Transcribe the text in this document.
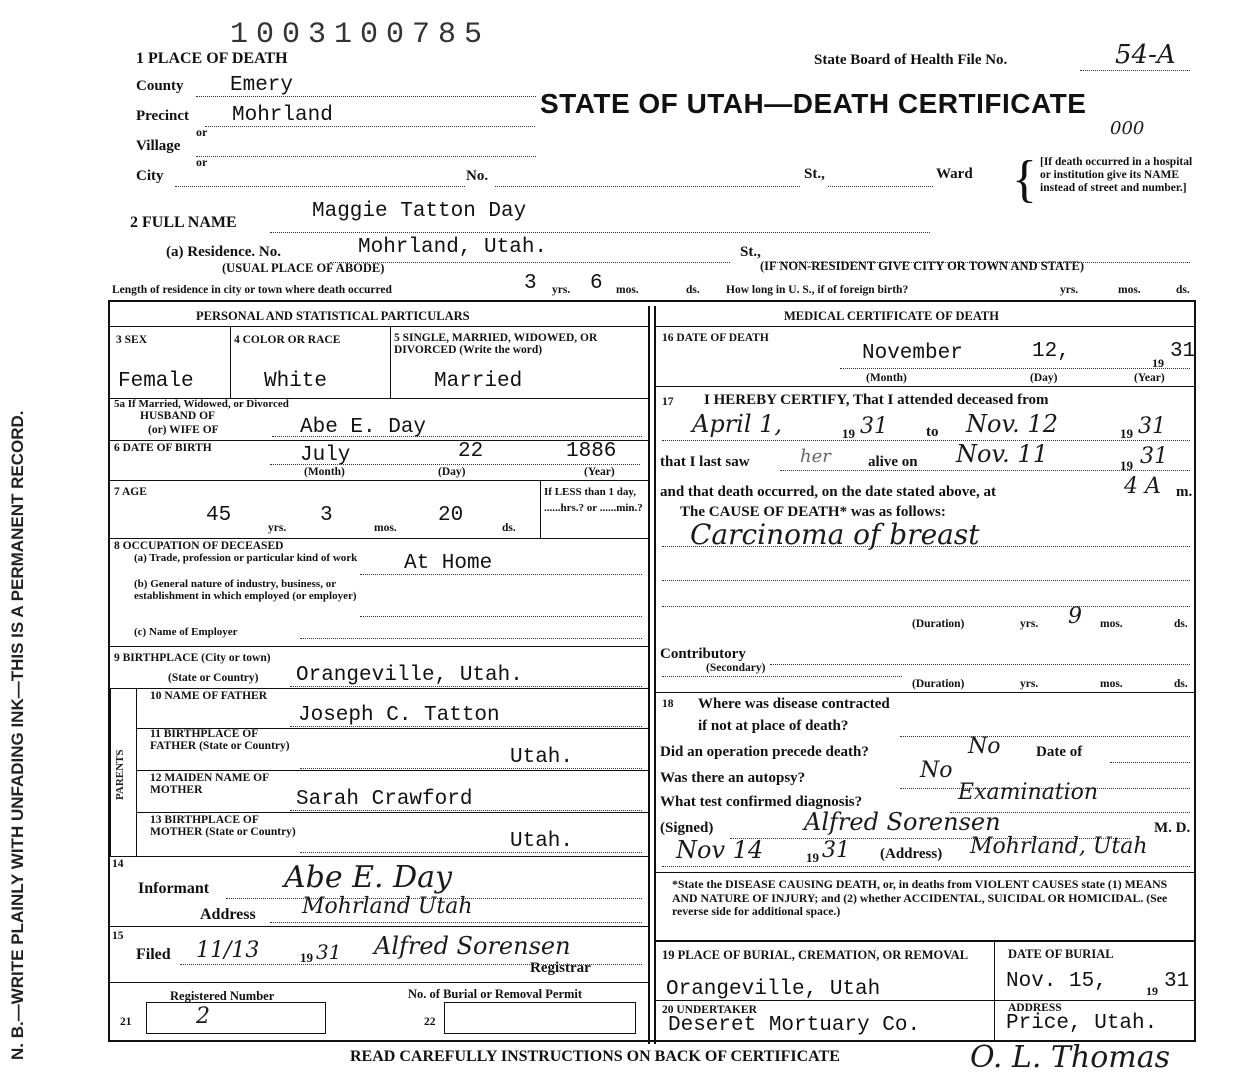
1003100785
1 PLACE OF DEATH	State Board of Health File No.	54-A
STATE OF UTAH—DEATH CERTIFICATE
000
N. B.—WRITE PLAINLY WITH UNFADING INK—THIS IS A PERMANENT RECORD.
County Emery
Precinct Mohrland
or
Village
or
City	No.	St.,	Ward { [If death occurred in a hospital or institution give its NAME instead of street and number.]
2 FULL NAME	Maggie Tatton Day
(a) Residence. No.	Mohrland, Utah.	St.,
(USUAL PLACE OF ABODE)	(IF NON-RESIDENT GIVE CITY OR TOWN AND STATE)
Length of residence in city or town where death occurred	3 yrs. 6 mos.	ds. How long in U. S., if of foreign birth?	yrs.	mos.	ds.
PERSONAL AND STATISTICAL PARTICULARS
3 SEX
Female
4 COLOR OR RACE
White
5 SINGLE, MARRIED, WIDOWED, OR DIVORCED (Write the word)
Married
5a If Married, Widowed, or Divorced
HUSBAND OF
(or) WIFE OF	Abe E. Day
6 DATE OF BIRTH	July	22	1886
(Month)	(Day)	(Year)
7 AGE
45
yrs.
3
mos.
20
ds.
If LESS than 1 day, ......hrs.? or ......min.?
8 OCCUPATION OF DECEASED
(a) Trade, profession or particular kind of work
(b) General nature of industry, business, or establishment in which employed (or employer)
At Home
(c) Name of Employer
9 BIRTHPLACE (City or town)
(State or Country) Orangeville, Utah.
PARENTS
10 NAME OF FATHER
Joseph C. Tatton
11 BIRTHPLACE OF FATHER (State or Country)	Utah.
12 MAIDEN NAME OF MOTHER	Sarah Crawford
13 BIRTHPLACE OF MOTHER (State or Country)	Utah.
14
Informant Abe E. Day
Address Mohrland Utah
15
Filed 11/13	19 31 Alfred Sorensen
Registrar
Registered Number	No. of Burial or Removal Permit
21	2	22
MEDICAL CERTIFICATE OF DEATH
16 DATE OF DEATH
November	12,	19 31
(Month)	(Day)	(Year)
17 I HEREBY CERTIFY, That I attended deceased from
April 1,	19 31	to Nov. 12	19 31
that I last saw	her alive on Nov. 11	19 31
and that death occurred, on the date stated above, at	4 A m.
The CAUSE OF DEATH* was as follows:
Carcinoma of breast
(Duration)	yrs. 9 mos.	ds.
Contributory
(Secondary)
(Duration)	yrs.	mos.	ds.
18 Where was disease contracted
if not at place of death?
Did an operation precede death?	No Date of
Was there an autopsy?	No
What test confirmed diagnosis?	Examination
(Signed)	Alfred Sorensen	M. D.
Nov 14	19 31 (Address) Mohrland, Utah
*State the DISEASE CAUSING DEATH, or, in deaths from VIOLENT CAUSES state (1) MEANS AND NATURE OF INJURY; and (2) whether ACCIDENTAL, SUICIDAL OR HOMICIDAL. (See reverse side for additional space.)
19 PLACE OF BURIAL, CREMATION, OR REMOVAL
Orangeville, Utah
DATE OF BURIAL
Nov. 15,	19 31
20 UNDERTAKER
Deseret Mortuary Co.
ADDRESS
Price, Utah.
READ CAREFULLY INSTRUCTIONS ON BACK OF CERTIFICATE	O. L. Thomas
